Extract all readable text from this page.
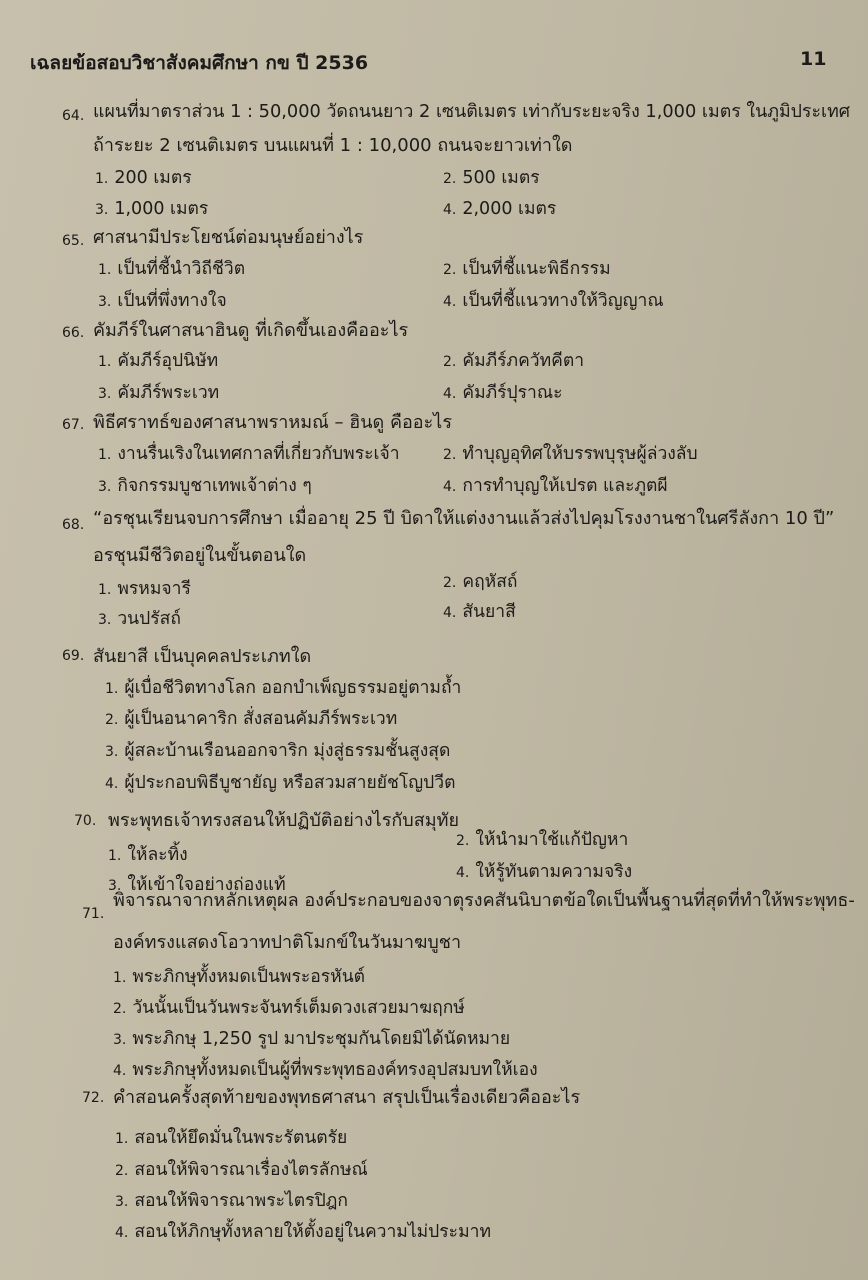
เฉลยข้อสอบวิชาสังคมศึกษา กข ปี 2536	11
64. แผนที่มาตราส่วน 1 : 50,000 วัดถนนยาว 2 เซนติเมตร เท่ากับระยะจริง 1,000 เมตร ในภูมิประเทศ
ถ้าระยะ 2 เซนติเมตร บนแผนที่ 1 : 10,000 ถนนจะยาวเท่าใด
1. 200 เมตร	2. 500 เมตร
3. 1,000 เมตร	4. 2,000 เมตร
65. ศาสนามีประโยชน์ต่อมนุษย์อย่างไร
1. เป็นที่ชี้นำวิถีชีวิต	2. เป็นที่ชี้แนะพิธีกรรม
3. เป็นที่พึ่งทางใจ	4. เป็นที่ชี้แนวทางให้วิญญาณ
66. คัมภีร์ในศาสนาฮินดู ที่เกิดขึ้นเองคืออะไร
1. คัมภีร์อุปนิษัท	2. คัมภีร์ภควัทคีตา
3. คัมภีร์พระเวท	4. คัมภีร์ปุราณะ
67. พิธีศราทธ์ของศาสนาพราหมณ์ – ฮินดู คืออะไร
1. งานรื่นเริงในเทศกาลที่เกี่ยวกับพระเจ้า	2. ทำบุญอุทิศให้บรรพบุรุษผู้ล่วงลับ
3. กิจกรรมบูชาเทพเจ้าต่าง ๆ	4. การทำบุญให้เปรต และภูตผี
68. “อรชุนเรียนจบการศึกษา เมื่ออายุ 25 ปี บิดาให้แต่งงานแล้วส่งไปคุมโรงงานชาในศรีลังกา 10 ปี”
อรชุนมีชีวิตอยู่ในขั้นตอนใด
1. พรหมจารี	2. คฤหัสถ์
3. วนปรัสถ์	4. สันยาสี
69. สันยาสี เป็นบุคคลประเภทใด
1. ผู้เบื่อชีวิตทางโลก ออกบำเพ็ญธรรมอยู่ตามถ้ำ
2. ผู้เป็นอนาคาริก สั่งสอนคัมภีร์พระเวท
3. ผู้สละบ้านเรือนออกจาริก มุ่งสู่ธรรมชั้นสูงสุด
4. ผู้ประกอบพิธีบูชายัญ หรือสวมสายยัชโญปวีต
70. พระพุทธเจ้าทรงสอนให้ปฏิบัติอย่างไรกับสมุทัย
1. ให้ละทิ้ง
2. ให้นำมาใช้แก้ปัญหา
3. ให้เข้าใจอย่างถ่องแท้
4. ให้รู้ทันตามความจริง
71.
พิจารณาจากหลักเหตุผล องค์ประกอบของจาตุรงคสันนิบาตข้อใดเป็นพื้นฐานที่สุดที่ทำให้พระพุทธ-
องค์ทรงแสดงโอวาทปาติโมกข์ในวันมาฆบูชา
1. พระภิกษุทั้งหมดเป็นพระอรหันต์
2. วันนั้นเป็นวันพระจันทร์เต็มดวงเสวยมาฆฤกษ์
3. พระภิกษุ 1,250 รูป มาประชุมกันโดยมิได้นัดหมาย
4. พระภิกษุทั้งหมดเป็นผู้ที่พระพุทธองค์ทรงอุปสมบทให้เอง
72. คำสอนครั้งสุดท้ายของพุทธศาสนา สรุปเป็นเรื่องเดียวคืออะไร
1. สอนให้ยึดมั่นในพระรัตนตรัย
2. สอนให้พิจารณาเรื่องไตรลักษณ์
3. สอนให้พิจารณาพระไตรปิฎก
4. สอนให้ภิกษุทั้งหลายให้ตั้งอยู่ในความไม่ประมาท
